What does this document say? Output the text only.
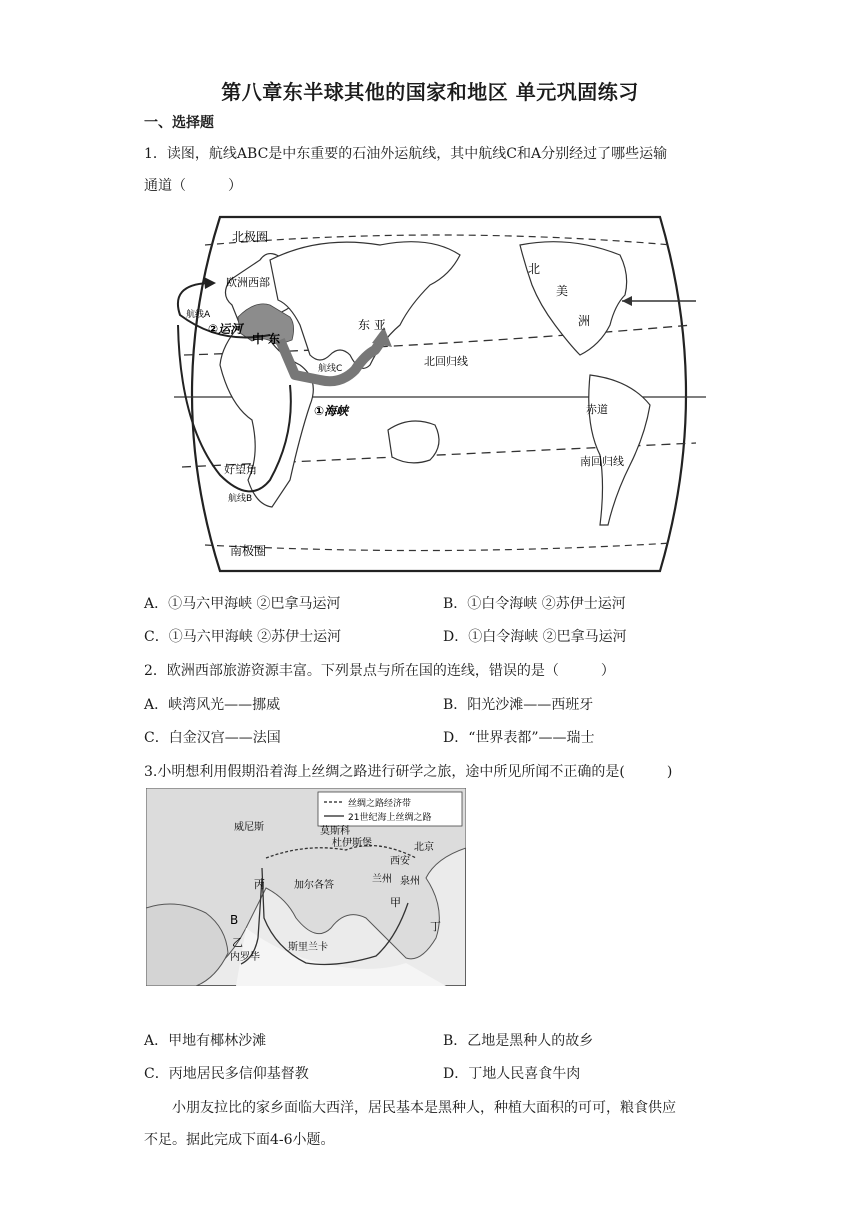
第八章东半球其他的国家和地区 单元巩固练习
一、选择题
1．读图，航线ABC是中东重要的石油外运航线，其中航线C和A分别经过了哪些运输
通道（　　　）
北极圈
欧洲西部
航线A
②运河
中 东
东 亚
航线C
①海峡
好望角
航线B
北
美
洲
北回归线
赤道
南回归线
南极圈
A．①马六甲海峡 ②巴拿马运河	B．①白令海峡 ②苏伊士运河
C．①马六甲海峡 ②苏伊士运河	D．①白令海峡 ②巴拿马运河
2．欧洲西部旅游资源丰富。下列景点与所在国的连线，错误的是（　　　）
A．峡湾风光——挪威	B．阳光沙滩——西班牙
C．白金汉宫——法国	D．“世界表都”——瑞士
3.小明想利用假期沿着海上丝绸之路进行研学之旅，途中所见所闻不正确的是(　　　)
丝绸之路经济带
21世纪海上丝绸之路
威尼斯	莫斯科
杜伊斯堡
丙
B
乙
内罗毕
加尔各答
斯里兰卡
甲
西安
兰州 泉州
北京
丁
A．甲地有椰林沙滩	B．乙地是黑种人的故乡
C．丙地居民多信仰基督教	D．丁地人民喜食牛肉
小朋友拉比的家乡面临大西洋，居民基本是黑种人，种植大面积的可可，粮食供应
不足。据此完成下面4-6小题。
